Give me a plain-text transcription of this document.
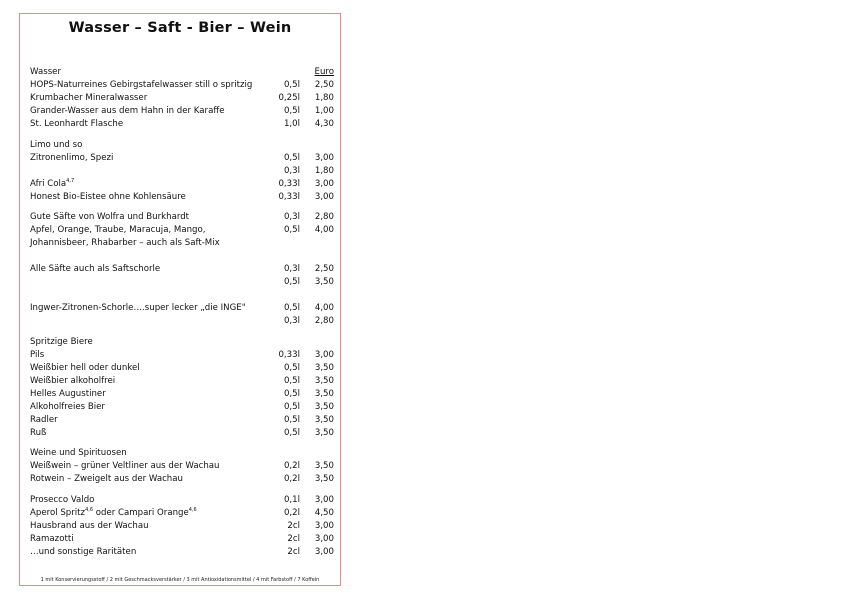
Wasser – Saft - Bier – Wein
Wasser	Euro
HOPS-Naturreines Gebirgstafelwasser still o spritzig	0,5l	2,50
Krumbacher Mineralwasser	0,25l	1,80
Grander-Wasser aus dem Hahn in der Karaffe	0,5l	1,00
St. Leonhardt Flasche	1,0l	4,30
Limo und so
Zitronenlimo, Spezi	0,5l	3,00
0,3l	1,80
Afri Cola$^{4,7}$	0,33l	3,00
Honest Bio-Eistee ohne Kohlensäure	0,33l	3,00
Gute Säfte von Wolfra und Burkhardt	0,3l	2,80
Apfel, Orange, Traube, Maracuja, Mango,	0,5l	4,00
Johannisbeer, Rhabarber – auch als Saft-Mix
Alle Säfte auch als Saftschorle	0,3l	2,50
0,5l	3,50
Ingwer-Zitronen-Schorle….super lecker „die INGE"	0,5l	4,00
0,3l	2,80
Spritzige Biere
Pils	0,33l	3,00
Weißbier hell oder dunkel	0,5l	3,50
Weißbier alkoholfrei	0,5l	3,50
Helles Augustiner	0,5l	3,50
Alkoholfreies Bier	0,5l	3,50
Radler	0,5l	3,50
Ruß	0,5l	3,50
Weine und Spirituosen
Weißwein – grüner Veltliner aus der Wachau	0,2l	3,50
Rotwein – Zweigelt aus der Wachau	0,2l	3,50
Prosecco Valdo	0,1l	3,00
Aperol Spritz$^{4,6}$ oder Campari Orange$^{4,6}$	0,2l	4,50
Hausbrand aus der Wachau	2cl	3,00
Ramazotti	2cl	3,00
…und sonstige Raritäten	2cl	3,00
1 mit Konservierungsstoff / 2 mit Geschmacksverstärker / 3 mit Antioxidationsmittel / 4 mit Farbstoff / 7 Koffein
